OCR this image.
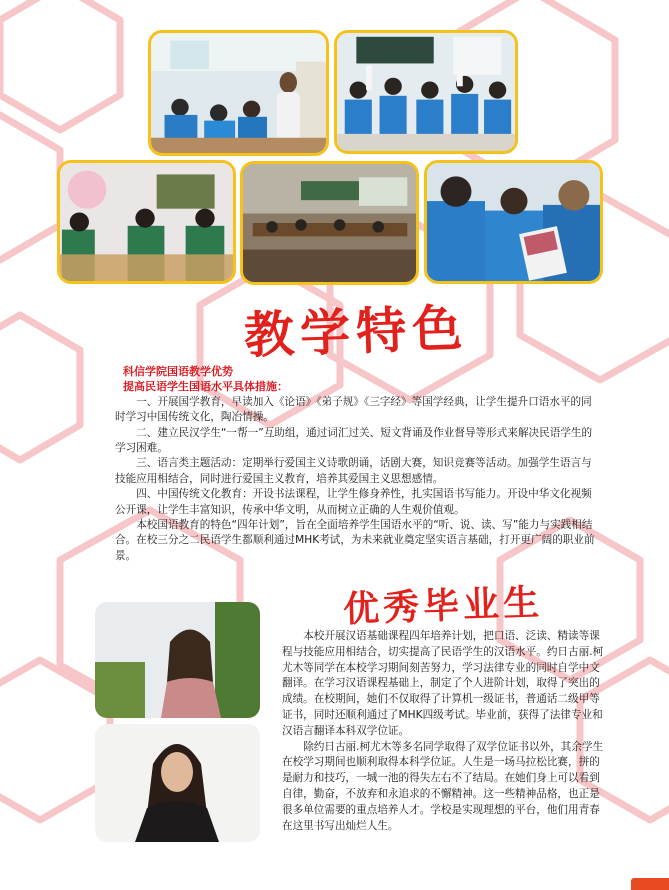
教学特色

科信学院国语教学优势

提高民语学生国语水平具体措施：

一、开展国学教育，早读加入《论语》《弟子规》《三字经》等国学经典，让学生提升口语水平的同时学习中国传统文化，陶冶情操。

二、建立民汉学生“一帮一”互助组，通过词汇过关、短文背诵及作业督导等形式来解决民语学生的学习困难。

三、语言类主题活动：定期举行爱国主义诗歌朗诵，话剧大赛，知识竞赛等活动。加强学生语言与技能应用相结合，同时进行爱国主义教育，培养其爱国主义思想感情。

四、中国传统文化教育：开设书法课程，让学生修身养性，扎实国语书写能力。开设中华文化视频公开课，让学生丰富知识，传承中华文明，从而树立正确的人生观价值观。

本校国语教育的特色“四年计划”，旨在全面培养学生国语水平的“听、说、读、写”能力与实践相结合。在校三分之二民语学生都顺利通过MHK考试，为未来就业奠定坚实语言基础，打开更广阔的职业前景。

优秀毕业生

本校开展汉语基础课程四年培养计划，把口语、泛读、精读等课程与技能应用相结合，切实提高了民语学生的汉语水平。约日古丽.柯尤木等同学在本校学习期间刻苦努力，学习法律专业的同时自学中文翻译。在学习汉语课程基础上，制定了个人进阶计划，取得了突出的成绩。在校期间，她们不仅取得了计算机一级证书，普通话二级甲等证书，同时还顺利通过了MHK四级考试。毕业前，获得了法律专业和汉语言翻译本科双学位证。

除约日古丽.柯尤木等多名同学取得了双学位证书以外，其余学生在校学习期间也顺利取得本科学位证。人生是一场马拉松比赛，拼的是耐力和技巧，一城一池的得失左右不了结局。在她们身上可以看到自律，勤奋，不放弃和永追求的不懈精神。这一些精神品格，也正是很多单位需要的重点培养人才。学校是实现理想的平台，他们用青春在这里书写出灿烂人生。
